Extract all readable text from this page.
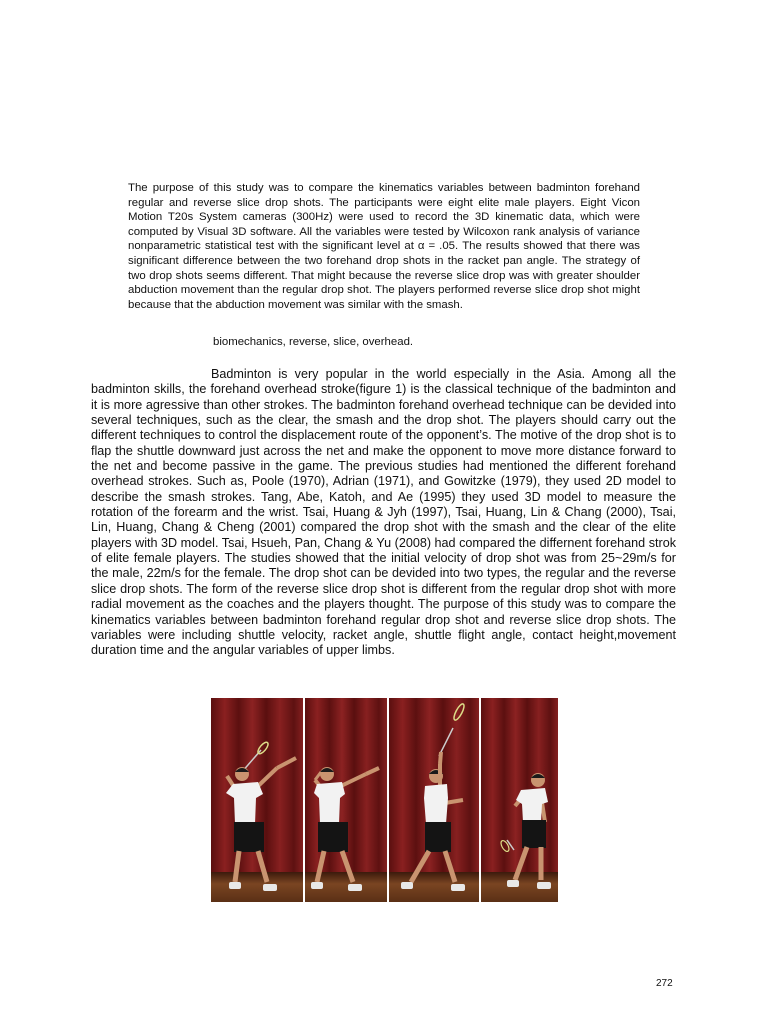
The purpose of this study was to compare the kinematics variables between badminton forehand regular and reverse slice drop shots. The participants were eight elite male players. Eight Vicon Motion T20s System cameras (300Hz) were used to record the 3D kinematic data, which were computed by Visual 3D software. All the variables were tested by Wilcoxon rank analysis of variance nonparametric statistical test with the significant level at α = .05. The results showed that there was significant difference between the two forehand drop shots in the racket pan angle. The strategy of two drop shots seems different. That might because the reverse slice drop was with greater shoulder abduction movement than the regular drop shot. The players performed reverse slice drop shot might because that the abduction movement was similar with the smash.

biomechanics, reverse, slice, overhead.

Badminton is very popular in the world especially in the Asia. Among all the badminton skills, the forehand overhead stroke(figure 1) is the classical technique of the badminton and it is more agressive than other strokes. The badminton forehand overhead technique can be devided into several techniques, such as the clear, the smash and the drop shot. The players should carry out the different techniques to control the displacement route of the opponent’s. The motive of the drop shot is to flap the shuttle downward just across the net and make the opponent to move more distance forward to the net and become passive in the game. The previous studies had mentioned the different forehand overhead strokes. Such as, Poole (1970), Adrian (1971), and Gowitzke (1979), they used 2D model to describe the smash strokes. Tang, Abe, Katoh, and Ae (1995) they used 3D model to measure the rotation of the forearm and the wrist. Tsai, Huang & Jyh (1997), Tsai, Huang, Lin & Chang (2000), Tsai, Lin, Huang, Chang & Cheng (2001) compared the drop shot with the smash and the clear of the elite players with 3D model. Tsai, Hsueh, Pan, Chang & Yu (2008) had compared the differnent forehand strok of elite female players. The studies showed that the initial velocity of drop shot was from 25~29m/s for the male, 22m/s for the female. The drop shot can be devided into two types, the regular and the reverse slice drop shots. The form of the reverse slice drop shot is different from the regular drop shot with more radial movement as the coaches and the players thought. The purpose of this study was to compare the kinematics variables between badminton forehand regular drop shot and reverse slice drop shots. The variables were including shuttle velocity, racket angle, shuttle flight angle, contact height,movement duration time and the angular variables of upper limbs.

272
